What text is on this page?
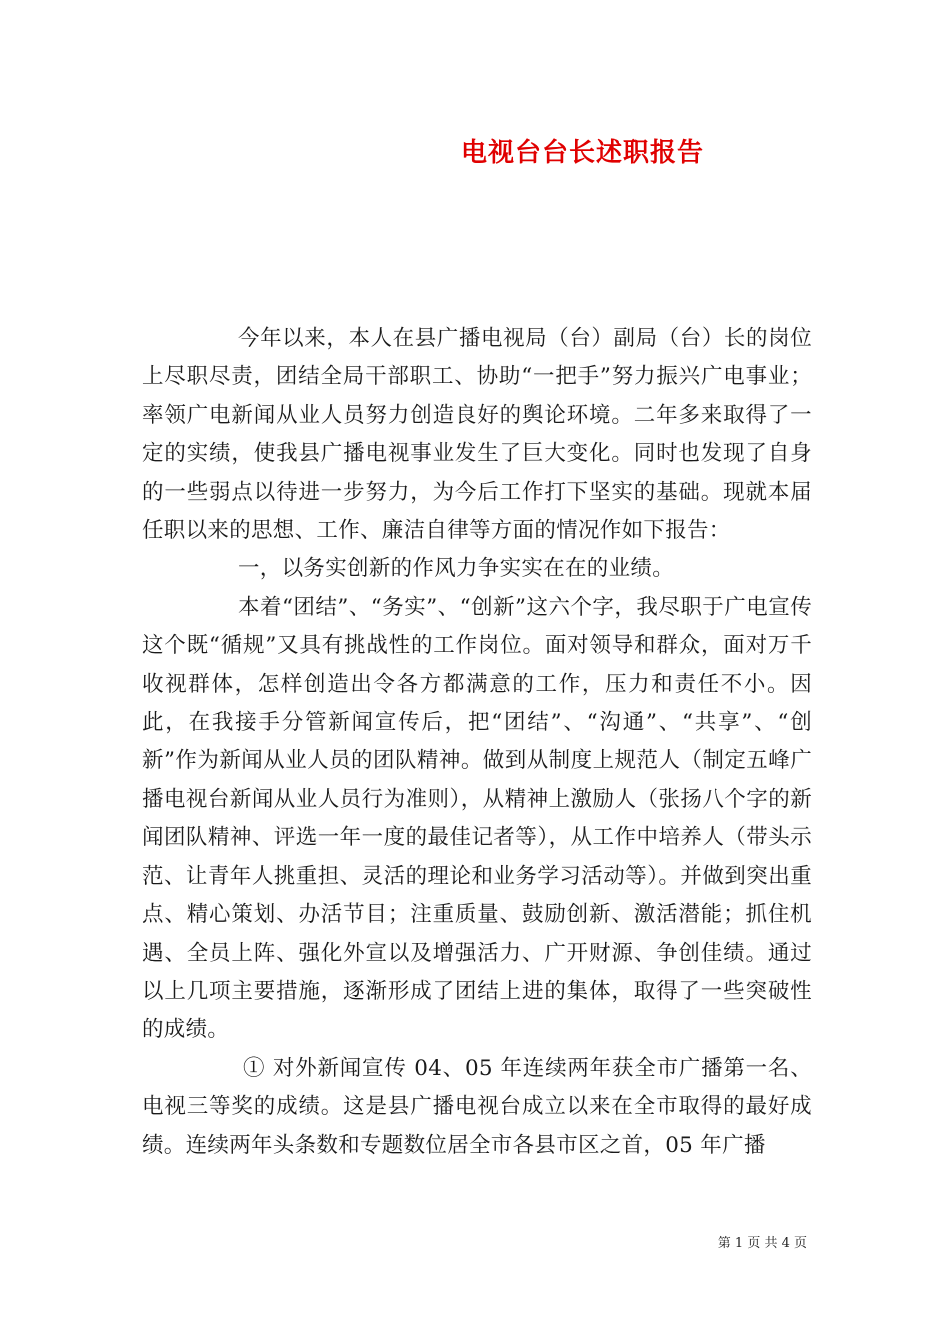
电视台台长述职报告

今年以来，本人在县广播电视局（台）副局（台）长的岗位上尽职尽责，团结全局干部职工、协助“一把手”努力振兴广电事业；率领广电新闻从业人员努力创造良好的舆论环境。二年多来取得了一定的实绩，使我县广播电视事业发生了巨大变化。同时也发现了自身的一些弱点以待进一步努力，为今后工作打下坚实的基础。现就本届任职以来的思想、工作、廉洁自律等方面的情况作如下报告：

一，以务实创新的作风力争实实在在的业绩。

本着“团结”、“务实”、“创新”这六个字，我尽职于广电宣传这个既“循规”又具有挑战性的工作岗位。面对领导和群众，面对万千收视群体，怎样创造出令各方都满意的工作，压力和责任不小。因此，在我接手分管新闻宣传后，把“团结”、“沟通”、“共享”、“创新”作为新闻从业人员的团队精神。做到从制度上规范人（制定五峰广播电视台新闻从业人员行为准则），从精神上激励人（张扬八个字的新闻团队精神、评选一年一度的最佳记者等），从工作中培养人（带头示范、让青年人挑重担、灵活的理论和业务学习活动等）。并做到突出重点、精心策划、办活节目；注重质量、鼓励创新、激活潜能；抓住机遇、全员上阵、强化外宣以及增强活力、广开财源、争创佳绩。通过以上几项主要措施，逐渐形成了团结上进的集体，取得了一些突破性的成绩。

① 对外新闻宣传 04、05 年连续两年获全市广播第一名、电视三等奖的成绩。这是县广播电视台成立以来在全市取得的最好成绩。连续两年头条数和专题数位居全市各县市区之首，05 年广播

第 1 页 共 4 页
